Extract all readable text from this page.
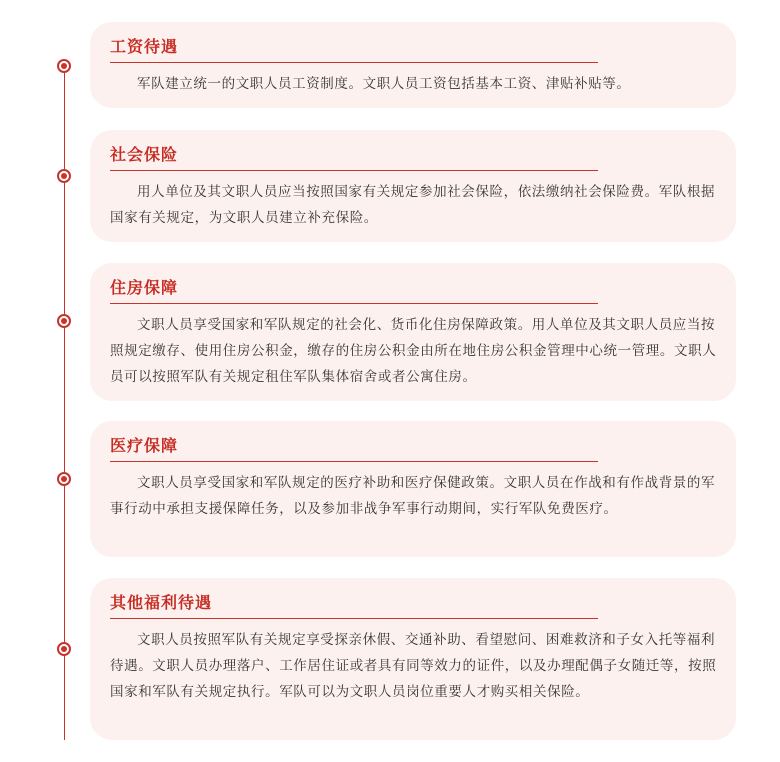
工资待遇

军队建立统一的文职人员工资制度。文职人员工资包括基本工资、津贴补贴等。

社会保险

用人单位及其文职人员应当按照国家有关规定参加社会保险，依法缴纳社会保险费。军队根据国家有关规定，为文职人员建立补充保险。

住房保障

文职人员享受国家和军队规定的社会化、货币化住房保障政策。用人单位及其文职人员应当按照规定缴存、使用住房公积金，缴存的住房公积金由所在地住房公积金管理中心统一管理。文职人员可以按照军队有关规定租住军队集体宿舍或者公寓住房。

医疗保障

文职人员享受国家和军队规定的医疗补助和医疗保健政策。文职人员在作战和有作战背景的军事行动中承担支援保障任务，以及参加非战争军事行动期间，实行军队免费医疗。

其他福利待遇

文职人员按照军队有关规定享受探亲休假、交通补助、看望慰问、困难救济和子女入托等福利待遇。文职人员办理落户、工作居住证或者具有同等效力的证件，以及办理配偶子女随迁等，按照国家和军队有关规定执行。军队可以为文职人员岗位重要人才购买相关保险。
